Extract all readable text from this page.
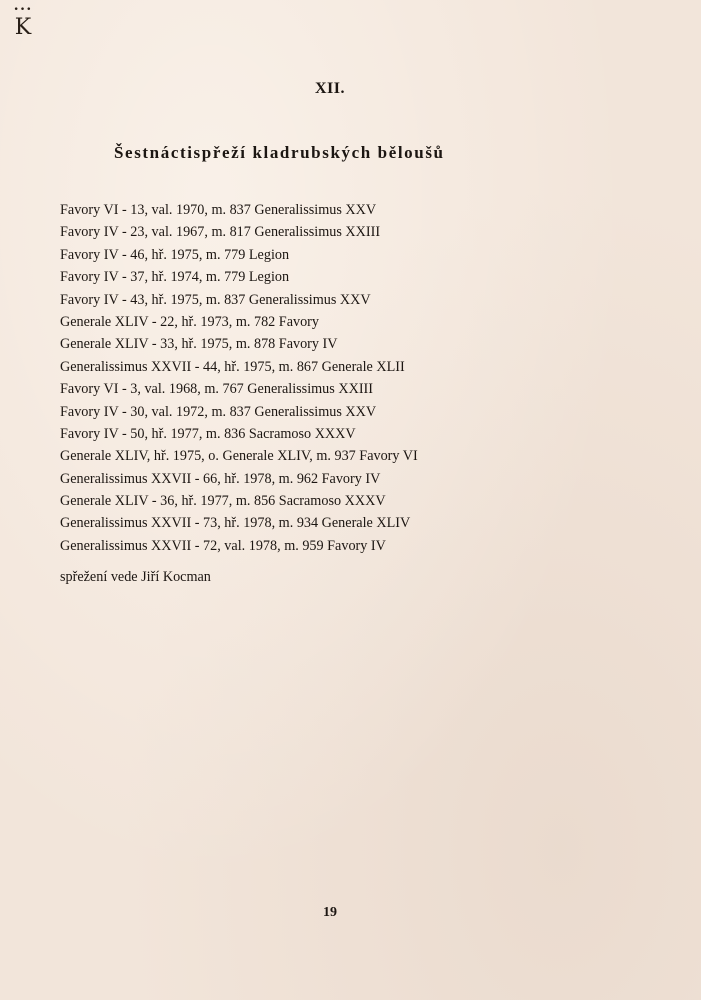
•••
K
XII.
Šestnáctispřeží kladrubských běloušů
Favory VI - 13, val. 1970, m. 837 Generalissimus XXV
Favory IV - 23, val. 1967, m. 817 Generalissimus XXIII
Favory IV - 46, hř. 1975, m. 779 Legion
Favory IV - 37, hř. 1974, m. 779 Legion
Favory IV - 43, hř. 1975, m. 837 Generalissimus XXV
Generale XLIV - 22, hř. 1973, m. 782 Favory
Generale XLIV - 33, hř. 1975, m. 878 Favory IV
Generalissimus XXVII - 44, hř. 1975, m. 867 Generale XLII
Favory VI - 3, val. 1968, m. 767 Generalissimus XXIII
Favory IV - 30, val. 1972, m. 837 Generalissimus XXV
Favory IV - 50, hř. 1977, m. 836 Sacramoso XXXV
Generale XLIV, hř. 1975, o. Generale XLIV, m. 937 Favory VI
Generalissimus XXVII - 66, hř. 1978, m. 962 Favory IV
Generale XLIV - 36, hř. 1977, m. 856 Sacramoso XXXV
Generalissimus XXVII - 73, hř. 1978, m. 934 Generale XLIV
Generalissimus XXVII - 72, val. 1978, m. 959 Favory IV
spřežení vede Jiří Kocman
19
